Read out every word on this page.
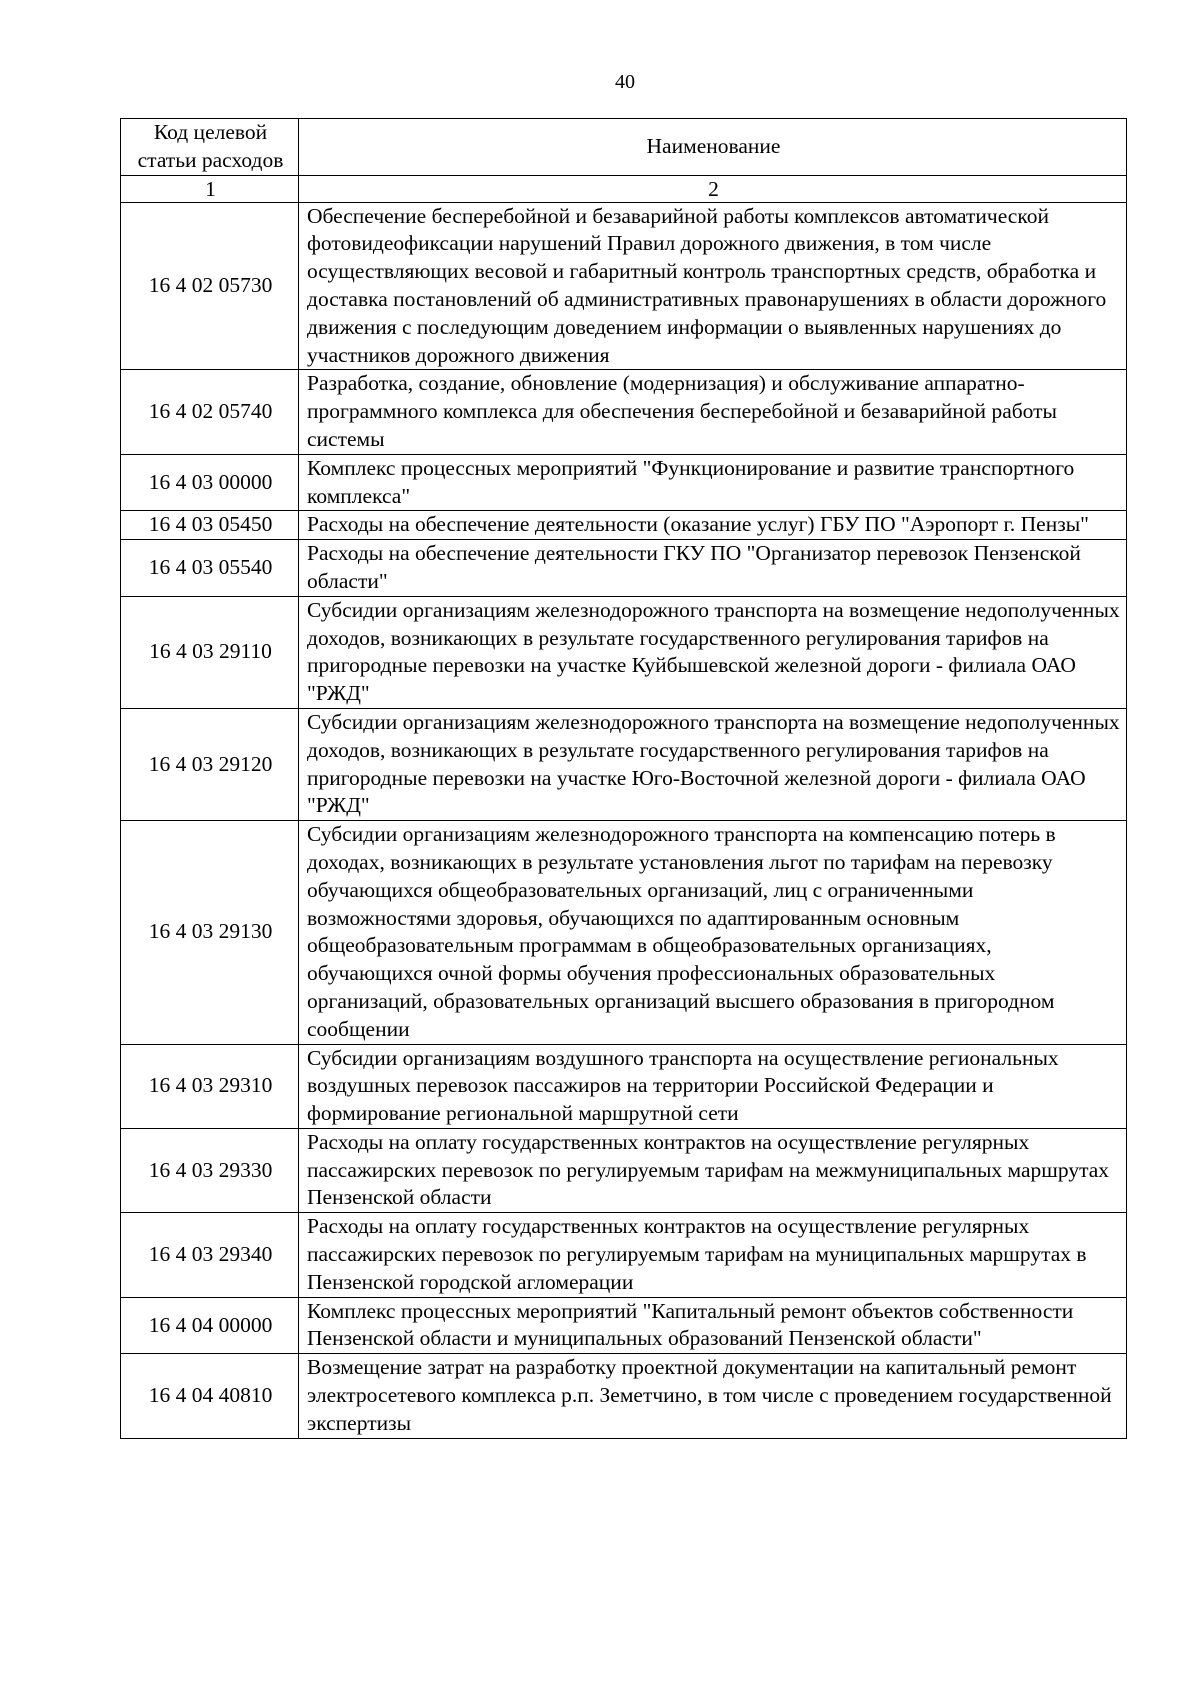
40
Код целевой статьи расходов	Наименование
1	2
16 4 02 05730	Обеспечение бесперебойной и безаварийной работы комплексов автоматической фотовидеофиксации нарушений Правил дорожного движения, в том числе осуществляющих весовой и габаритный контроль транспортных средств, обработка и доставка постановлений об административных правонарушениях в области дорожного движения с последующим доведением информации о выявленных нарушениях до участников дорожного движения
16 4 02 05740	Разработка, создание, обновление (модернизация) и обслуживание аппаратно-программного комплекса для обеспечения бесперебойной и безаварийной работы системы
16 4 03 00000	Комплекс процессных мероприятий "Функционирование и развитие транспортного комплекса"
16 4 03 05450	Расходы на обеспечение деятельности (оказание услуг) ГБУ ПО "Аэропорт г. Пензы"
16 4 03 05540	Расходы на обеспечение деятельности ГКУ ПО "Организатор перевозок Пензенской области"
16 4 03 29110	Субсидии организациям железнодорожного транспорта на возмещение недополученных доходов, возникающих в результате государственного регулирования тарифов на пригородные перевозки на участке Куйбышевской железной дороги - филиала ОАО "РЖД"
16 4 03 29120	Субсидии организациям железнодорожного транспорта на возмещение недополученных доходов, возникающих в результате государственного регулирования тарифов на пригородные перевозки на участке Юго-Восточной железной дороги - филиала ОАО "РЖД"
16 4 03 29130	Субсидии организациям железнодорожного транспорта на компенсацию потерь в доходах, возникающих в результате установления льгот по тарифам на перевозку обучающихся общеобразовательных организаций, лиц с ограниченными возможностями здоровья, обучающихся по адаптированным основным общеобразовательным программам в общеобразовательных организациях, обучающихся очной формы обучения профессиональных образовательных организаций, образовательных организаций высшего образования в пригородном сообщении
16 4 03 29310	Субсидии организациям воздушного транспорта на осуществление региональных воздушных перевозок пассажиров на территории Российской Федерации и формирование региональной маршрутной сети
16 4 03 29330	Расходы на оплату государственных контрактов на осуществление регулярных пассажирских перевозок по регулируемым тарифам на межмуниципальных маршрутах Пензенской области
16 4 03 29340	Расходы на оплату государственных контрактов на осуществление регулярных пассажирских перевозок по регулируемым тарифам на муниципальных маршрутах в Пензенской городской агломерации
16 4 04 00000	Комплекс процессных мероприятий "Капитальный ремонт объектов собственности Пензенской области и муниципальных образований Пензенской области"
16 4 04 40810	Возмещение затрат на разработку проектной документации на капитальный ремонт электросетевого комплекса р.п. Земетчино, в том числе с проведением государственной экспертизы
